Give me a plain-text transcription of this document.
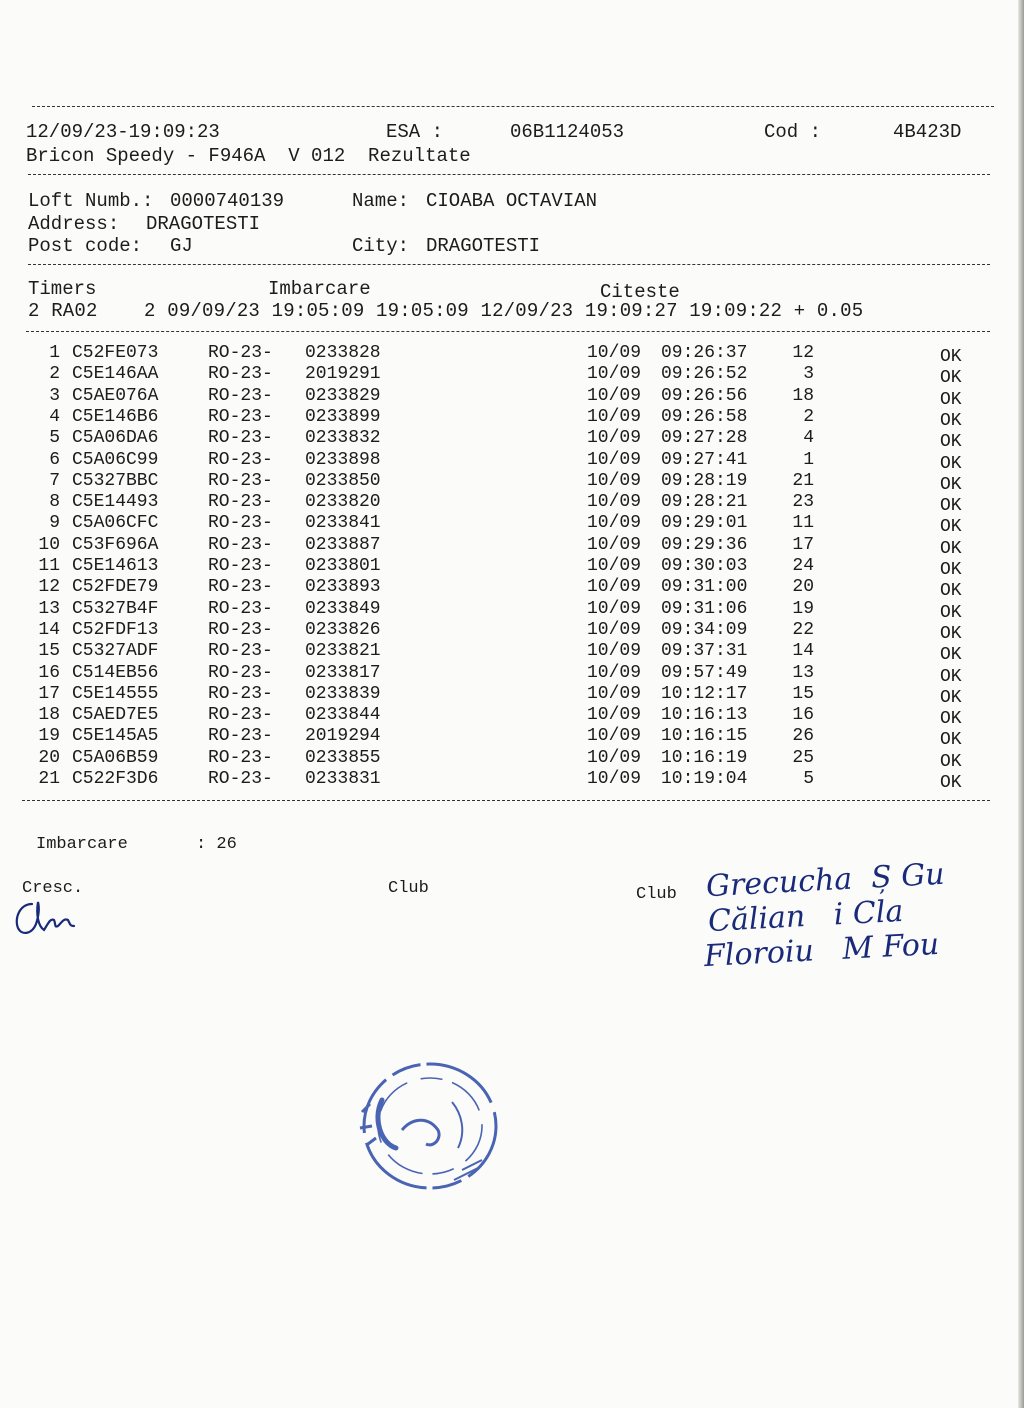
12/09/23-19:09:23	ESA :	06B1124053	Cod :	4B423D
Bricon Speedy - F946A  V 012  Rezultate
Loft Numb.: 0000740139	Name: CIOABA OCTAVIAN
Address: DRAGOTESTI
Post code: GJ	City: DRAGOTESTI
Timers	Imbarcare	Citeste
2 RA02    2 09/09/23 19:05:09 19:05:09 12/09/23 19:09:27 19:09:22 + 0.05
1 C52FE073	RO-23- 0233828	10/09 09:26:37	12	OK
2 C5E146AA	RO-23- 2019291	10/09 09:26:52	3	OK
3 C5AE076A	RO-23- 0233829	10/09 09:26:56	18	OK
4 C5E146B6	RO-23- 0233899	10/09 09:26:58	2	OK
5 C5A06DA6	RO-23- 0233832	10/09 09:27:28	4	OK
6 C5A06C99	RO-23- 0233898	10/09 09:27:41	1	OK
7 C5327BBC	RO-23- 0233850	10/09 09:28:19	21	OK
8 C5E14493	RO-23- 0233820	10/09 09:28:21	23	OK
9 C5A06CFC	RO-23- 0233841	10/09 09:29:01	11	OK
10 C53F696A	RO-23- 0233887	10/09 09:29:36	17	OK
11 C5E14613	RO-23- 0233801	10/09 09:30:03	24	OK
12 C52FDE79	RO-23- 0233893	10/09 09:31:00	20	OK
13 C5327B4F	RO-23- 0233849	10/09 09:31:06	19	OK
14 C52FDF13	RO-23- 0233826	10/09 09:34:09	22	OK
15 C5327ADF	RO-23- 0233821	10/09 09:37:31	14	OK
16 C514EB56	RO-23- 0233817	10/09 09:57:49	13	OK
17 C5E14555	RO-23- 0233839	10/09 10:12:17	15	OK
18 C5AED7E5	RO-23- 0233844	10/09 10:16:13	16	OK
19 C5E145A5	RO-23- 2019294	10/09 10:16:15	26	OK
20 C5A06B59	RO-23- 0233855	10/09 10:16:19	25	OK
21 C522F3D6	RO-23- 0233831	10/09 10:19:04	5	OK
Imbarcare	: 26
Cresc.	Club	Club Grecucha  Ș Gu
Călian   i Cla
Floroiu   M Fou
